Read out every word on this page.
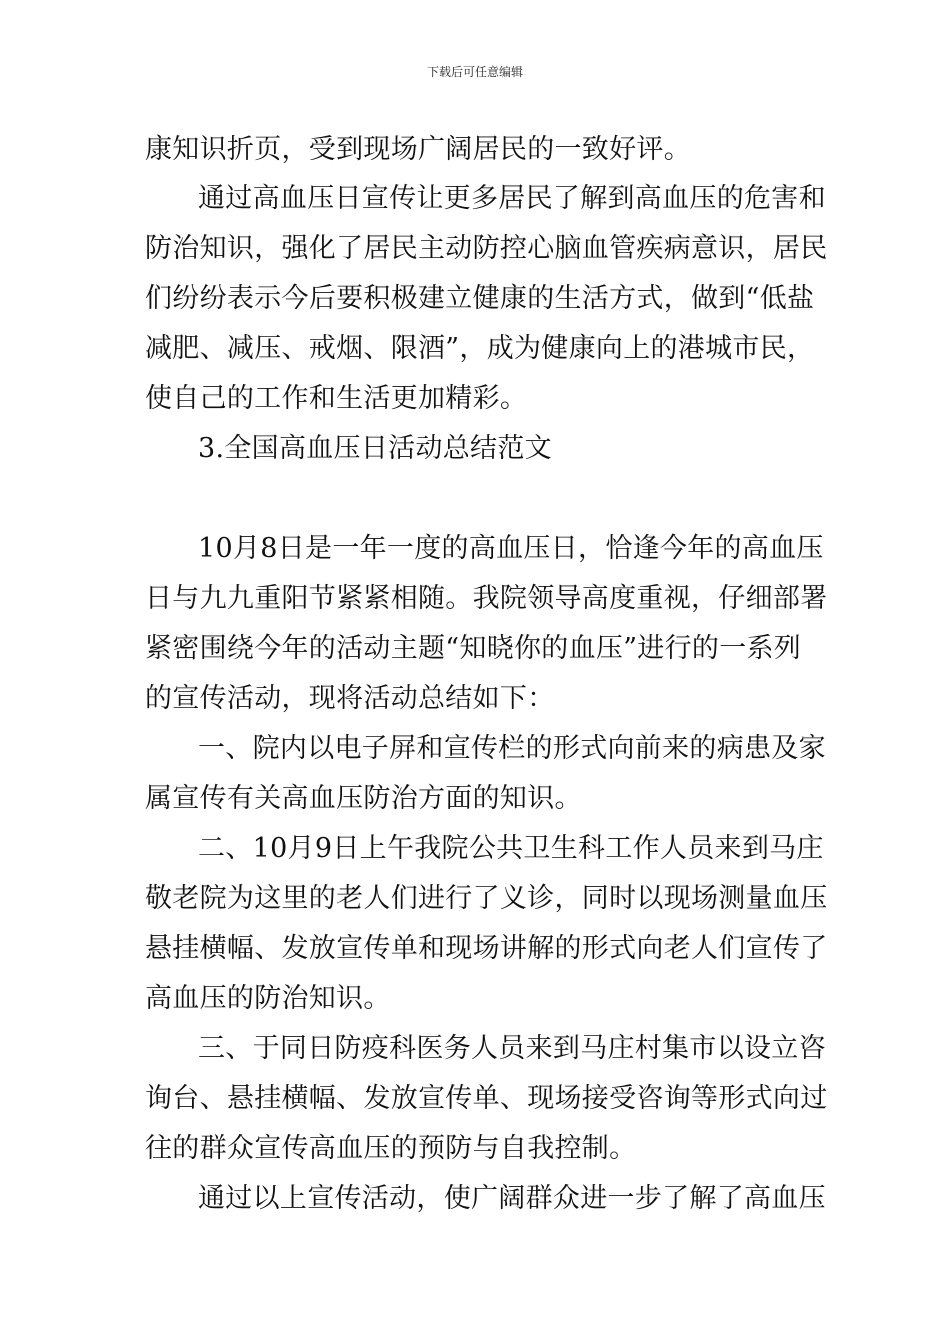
下载后可任意编辑
康知识折页，受到现场广阔居民的一致好评。
通过高血压日宣传让更多居民了解到高血压的危害和
防治知识，强化了居民主动防控心脑血管疾病意识，居民
们纷纷表示今后要积极建立健康的生活方式，做到“低盐
减肥、减压、戒烟、限酒”，成为健康向上的港城市民，
使自己的工作和生活更加精彩。
3.全国高血压日活动总结范文
10月8日是一年一度的高血压日，恰逢今年的高血压
日与九九重阳节紧紧相随。我院领导高度重视，仔细部署
紧密围绕今年的活动主题“知晓你的血压”进行的一系列
的宣传活动，现将活动总结如下：
一、院内以电子屏和宣传栏的形式向前来的病患及家
属宣传有关高血压防治方面的知识。
二、10月9日上午我院公共卫生科工作人员来到马庄
敬老院为这里的老人们进行了义诊，同时以现场测量血压
悬挂横幅、发放宣传单和现场讲解的形式向老人们宣传了
高血压的防治知识。
三、于同日防疫科医务人员来到马庄村集市以设立咨
询台、悬挂横幅、发放宣传单、现场接受咨询等形式向过
往的群众宣传高血压的预防与自我控制。
通过以上宣传活动，使广阔群众进一步了解了高血压
